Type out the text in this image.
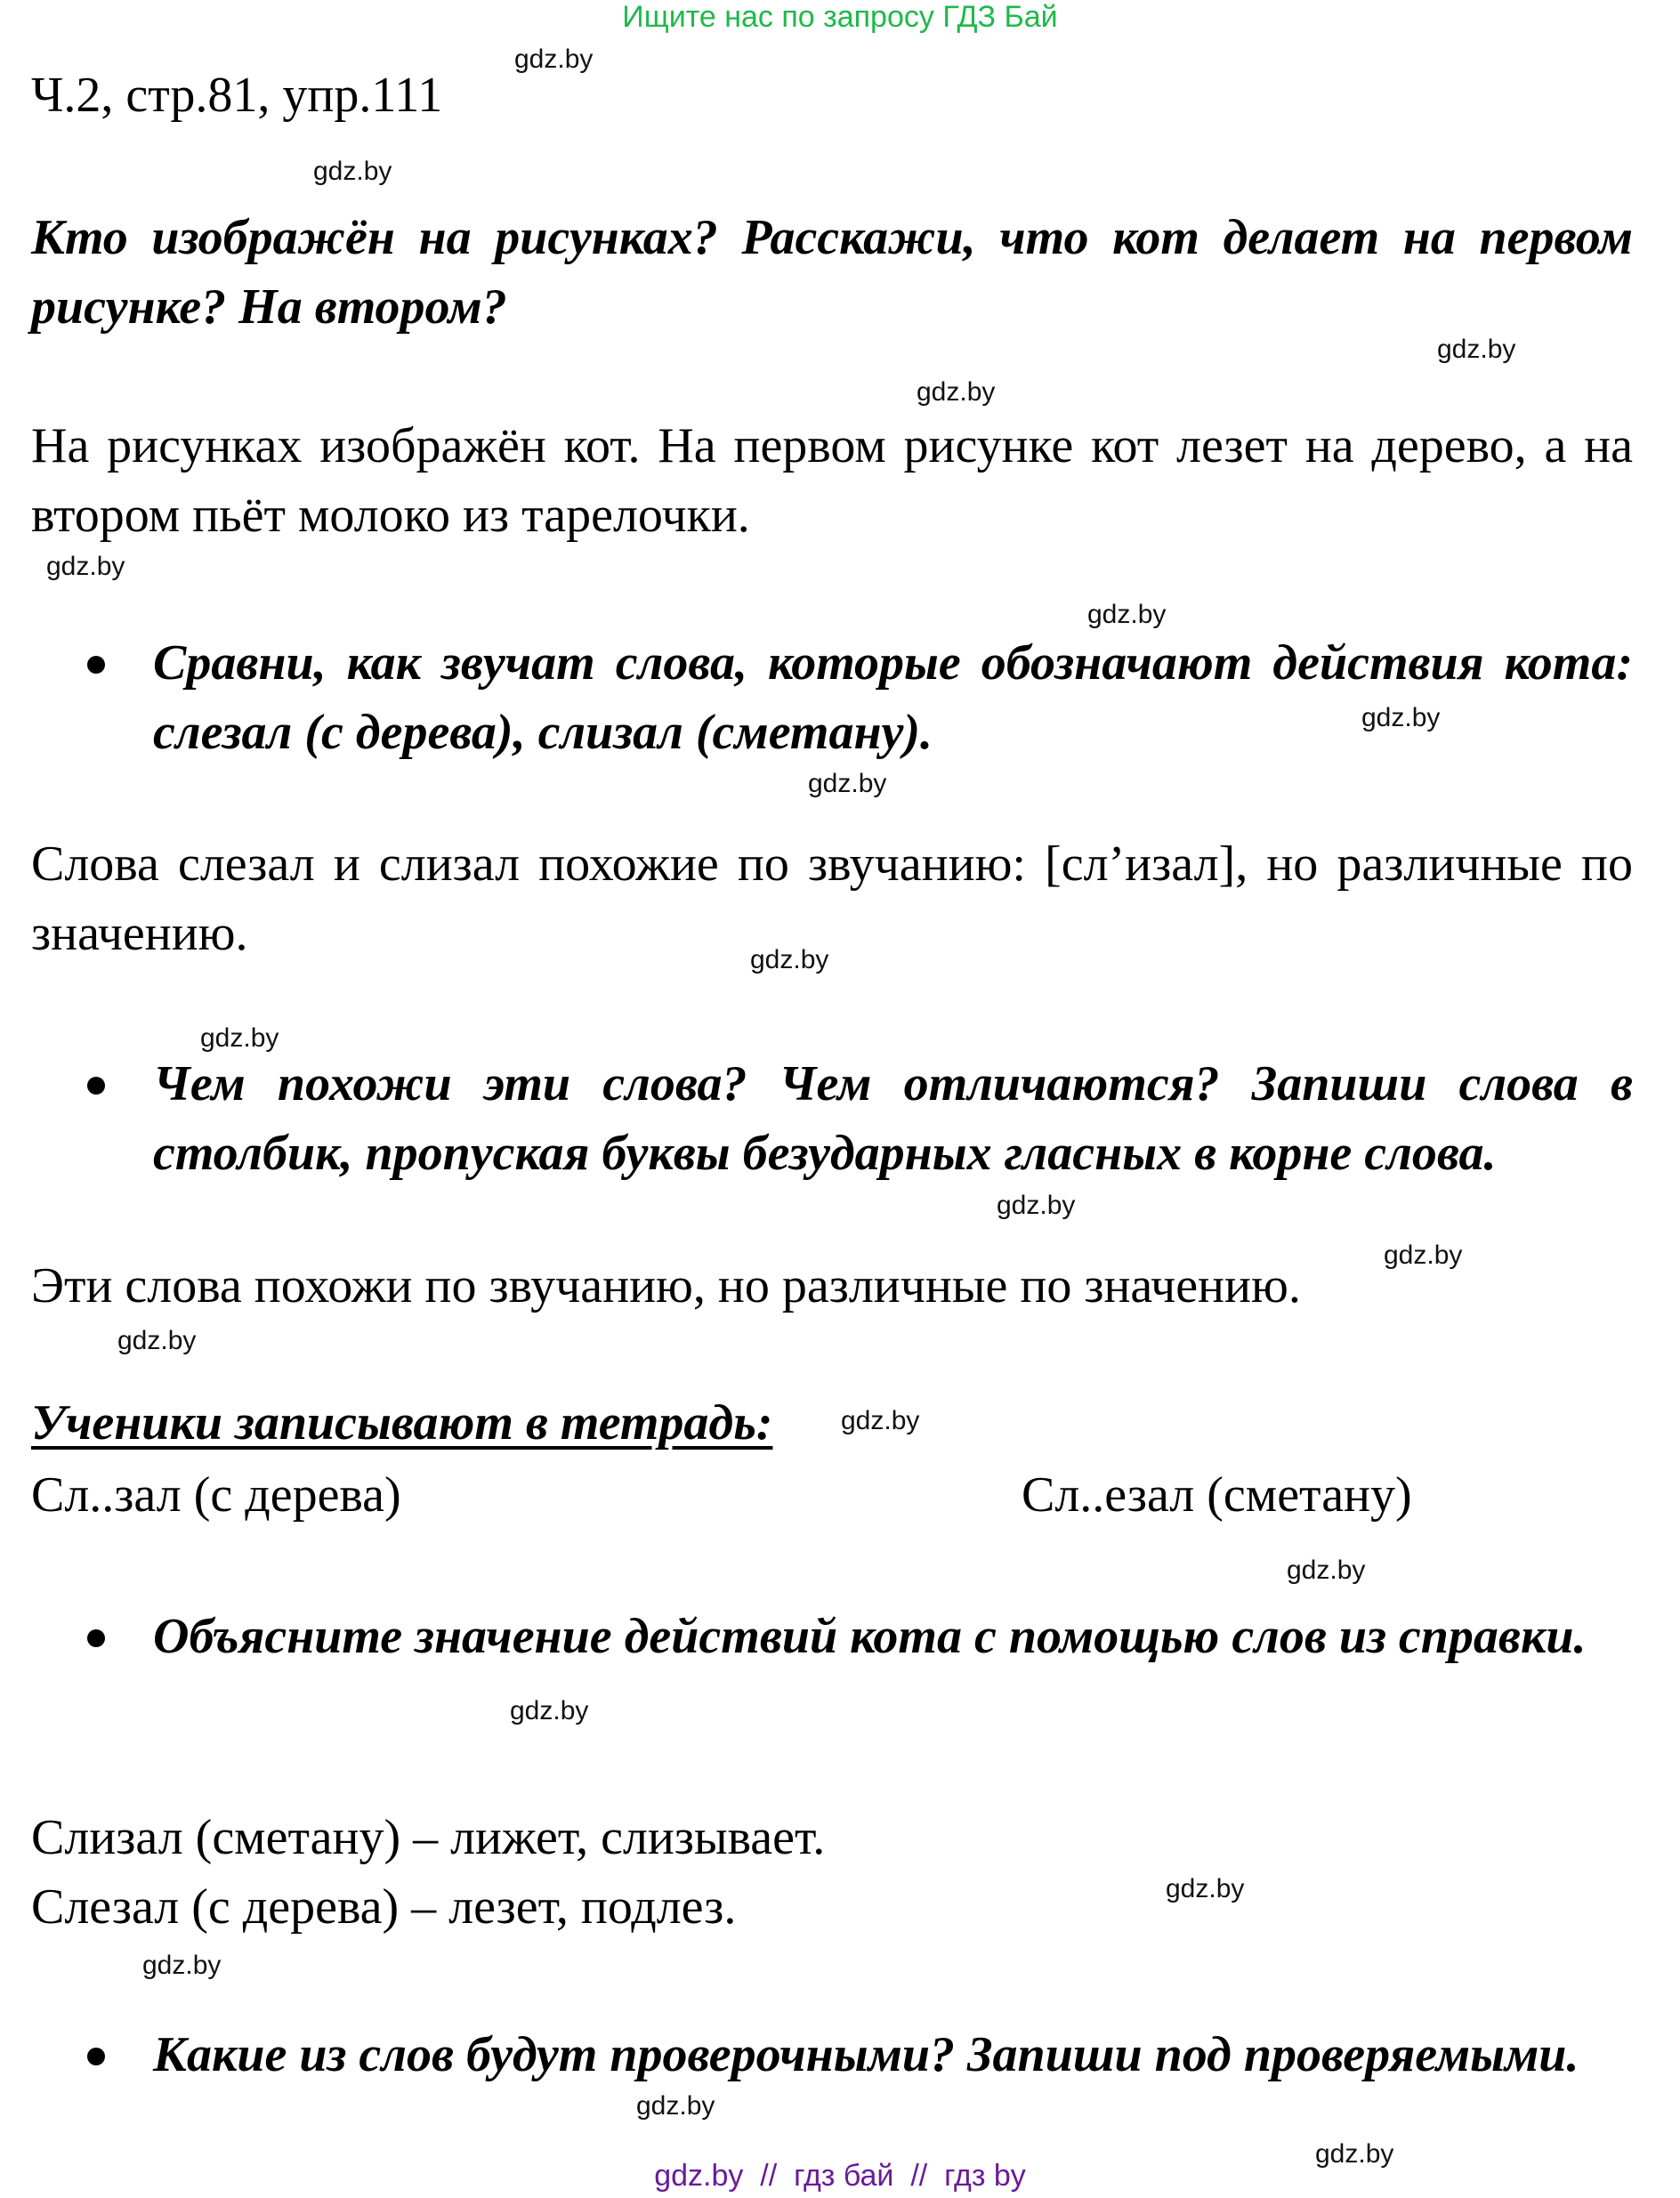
Ищите нас по запросу ГДЗ Бай
Ч.2, стр.81, упр.111
Кто изображён на рисунках? Расскажи, что кот делает на первом рисунке? На втором?
На рисунках изображён кот. На первом рисунке кот лезет на дерево, а на втором пьёт молоко из тарелочки.
Сравни, как звучат слова, которые обозначают действия кота: слезал (с дерева), слизал (сметану).
Слова слезал и слизал похожие по звучанию: [сл’изал], но различные по значению.
Чем похожи эти слова? Чем отличаются? Запиши слова в столбик, пропуская буквы безударных гласных в корне слова.
Эти слова похожи по звучанию, но различные по значению.
Ученики записывают в тетрадь:
Сл..зал (с дерева)	Сл..езал (сметану)
Объясните значение действий кота с помощью слов из справки.
Слизал (сметану) – лижет, слизывает.
Слезал (с дерева) – лезет, подлез.
Какие из слов будут проверочными? Запиши под проверяемыми.
gdz.by
gdz.by
gdz.by
gdz.by
gdz.by
gdz.by
gdz.by
gdz.by
gdz.by
gdz.by
gdz.by
gdz.by
gdz.by
gdz.by
gdz.by
gdz.by
gdz.by
gdz.by
gdz.by
gdz.by
gdz.by  //  гдз бай  //  гдз by
